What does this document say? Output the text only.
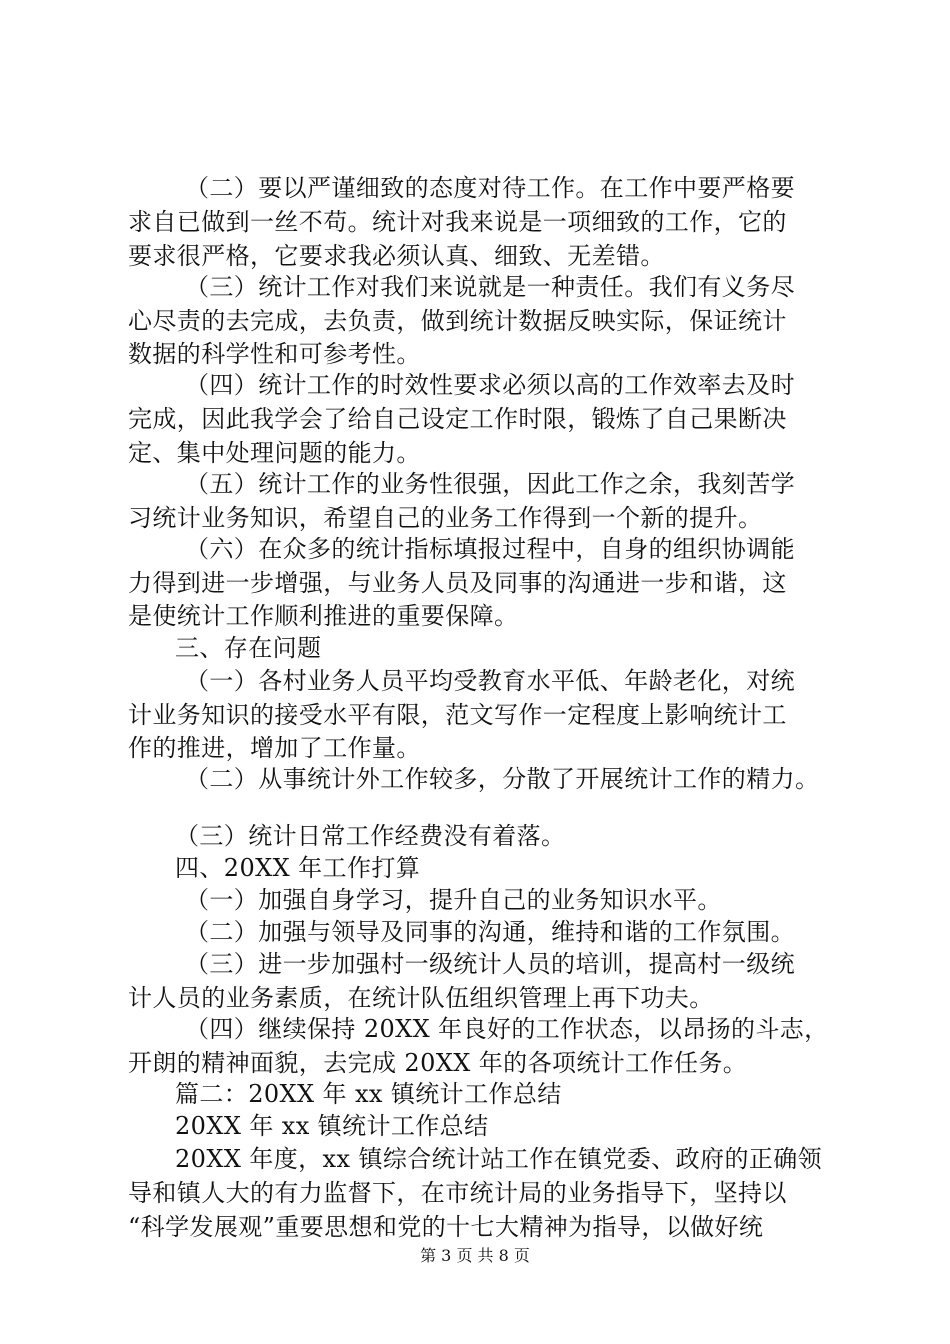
（二）要以严谨细致的态度对待工作。在工作中要严格要
求自已做到一丝不苟。统计对我来说是一项细致的工作，它的
要求很严格，它要求我必须认真、细致、无差错。
（三）统计工作对我们来说就是一种责任。我们有义务尽
心尽责的去完成，去负责，做到统计数据反映实际，保证统计
数据的科学性和可参考性。
（四）统计工作的时效性要求必须以高的工作效率去及时
完成，因此我学会了给自己设定工作时限，锻炼了自己果断决
定、集中处理问题的能力。
（五）统计工作的业务性很强，因此工作之余，我刻苦学
习统计业务知识，希望自己的业务工作得到一个新的提升。
（六）在众多的统计指标填报过程中，自身的组织协调能
力得到进一步增强，与业务人员及同事的沟通进一步和谐，这
是使统计工作顺利推进的重要保障。
三、存在问题
（一）各村业务人员平均受教育水平低、年龄老化，对统
计业务知识的接受水平有限，范文写作一定程度上影响统计工
作的推进，增加了工作量。
（二）从事统计外工作较多，分散了开展统计工作的精力。
（三）统计日常工作经费没有着落。
四、20XX 年工作打算
（一）加强自身学习，提升自己的业务知识水平。
（二）加强与领导及同事的沟通，维持和谐的工作氛围。
（三）进一步加强村一级统计人员的培训，提高村一级统
计人员的业务素质，在统计队伍组织管理上再下功夫。
（四）继续保持 20XX 年良好的工作状态，以昂扬的斗志，
开朗的精神面貌，去完成 20XX 年的各项统计工作任务。
篇二：20XX 年 xx 镇统计工作总结
20XX 年 xx 镇统计工作总结
20XX 年度，xx 镇综合统计站工作在镇党委、政府的正确领
导和镇人大的有力监督下，在市统计局的业务指导下，坚持以
“科学发展观”重要思想和党的十七大精神为指导，以做好统
第 3 页 共 8 页
